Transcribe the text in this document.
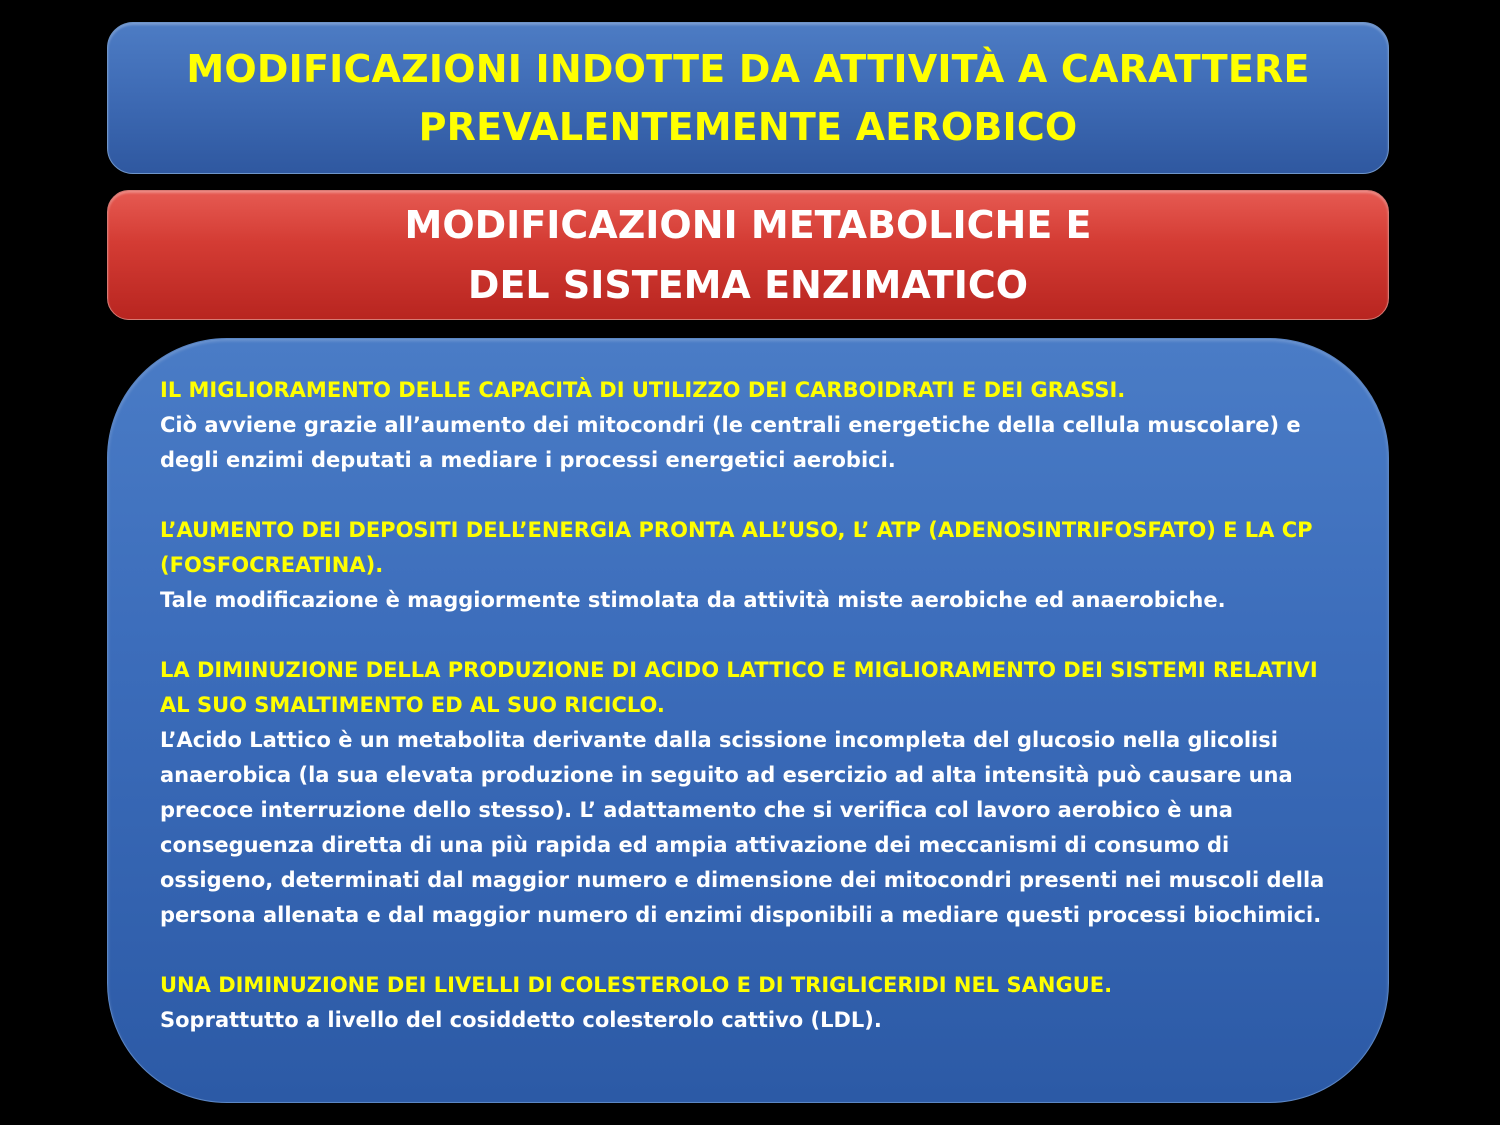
MODIFICAZIONI INDOTTE DA ATTIVITÀ A CARATTERE
PREVALENTEMENTE AEROBICO
MODIFICAZIONI METABOLICHE E
DEL SISTEMA ENZIMATICO

IL MIGLIORAMENTO DELLE CAPACITÀ DI UTILIZZO DEI CARBOIDRATI E DEI GRASSI.

Ciò avviene grazie all’aumento dei mitocondri (le centrali energetiche della cellula muscolare) e degli enzimi deputati a mediare i processi energetici aerobici.

L’AUMENTO DEI DEPOSITI DELL’ENERGIA PRONTA ALL’USO, L’ ATP (ADENOSINTRIFOSFATO) E LA CP (FOSFOCREATINA).

Tale modificazione è maggiormente stimolata da attività miste aerobiche ed anaerobiche.

LA DIMINUZIONE DELLA PRODUZIONE DI ACIDO LATTICO E MIGLIORAMENTO DEI SISTEMI RELATIVI AL SUO SMALTIMENTO ED AL SUO RICICLO.

L’Acido Lattico è un metabolita derivante dalla scissione incompleta del glucosio nella glicolisi anaerobica (la sua elevata produzione in seguito ad esercizio ad alta intensità può causare una precoce interruzione dello stesso). L’ adattamento che si verifica col lavoro aerobico è una conseguenza diretta di una più rapida ed ampia attivazione dei meccanismi di consumo di ossigeno, determinati dal maggior numero e dimensione dei mitocondri presenti nei muscoli della persona allenata e dal maggior numero di enzimi disponibili a mediare questi processi biochimici.

UNA DIMINUZIONE DEI LIVELLI DI COLESTEROLO E DI TRIGLICERIDI NEL SANGUE.

Soprattutto a livello del cosiddetto colesterolo cattivo (LDL).
